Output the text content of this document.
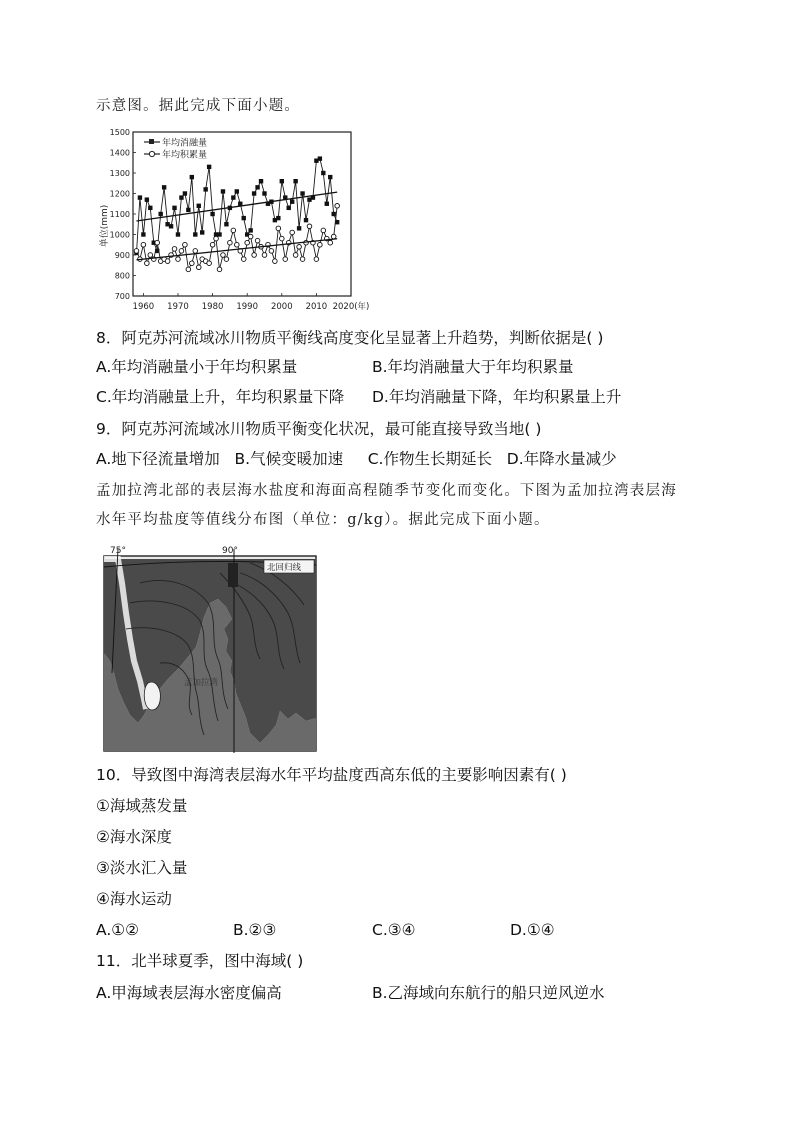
示意图。据此完成下面小题。
700
800
900
1000
1100
1200
1300
1400
1500
1960 1970 1980 1990 2000 2010 2020(年)
单位(mm)
年均消融量
年均积累量
8．阿克苏河流域冰川物质平衡线高度变化呈显著上升趋势，判断依据是( )
A.年均消融量小于年均积累量	B.年均消融量大于年均积累量
C.年均消融量上升，年均积累量下降 D.年均消融量下降，年均积累量上升
9．阿克苏河流域冰川物质平衡变化状况，最可能直接导致当地( )
A.地下径流量增加   B.气候变暖加速     C.作物生长期延长   D.年降水量减少
孟加拉湾北部的表层海水盐度和海面高程随季节变化而变化。下图为孟加拉湾表层海
水年平均盐度等值线分布图（单位：g/kg）。据此完成下面小题。
75°	90°
北回归线
孟加拉湾
10．导致图中海湾表层海水年平均盐度西高东低的主要影响因素有( )
①海域蒸发量
②海水深度
③淡水汇入量
④海水运动
A.①②	B.②③	C.③④	D.①④
11．北半球夏季，图中海域( )
A.甲海域表层海水密度偏高	B.乙海域向东航行的船只逆风逆水
